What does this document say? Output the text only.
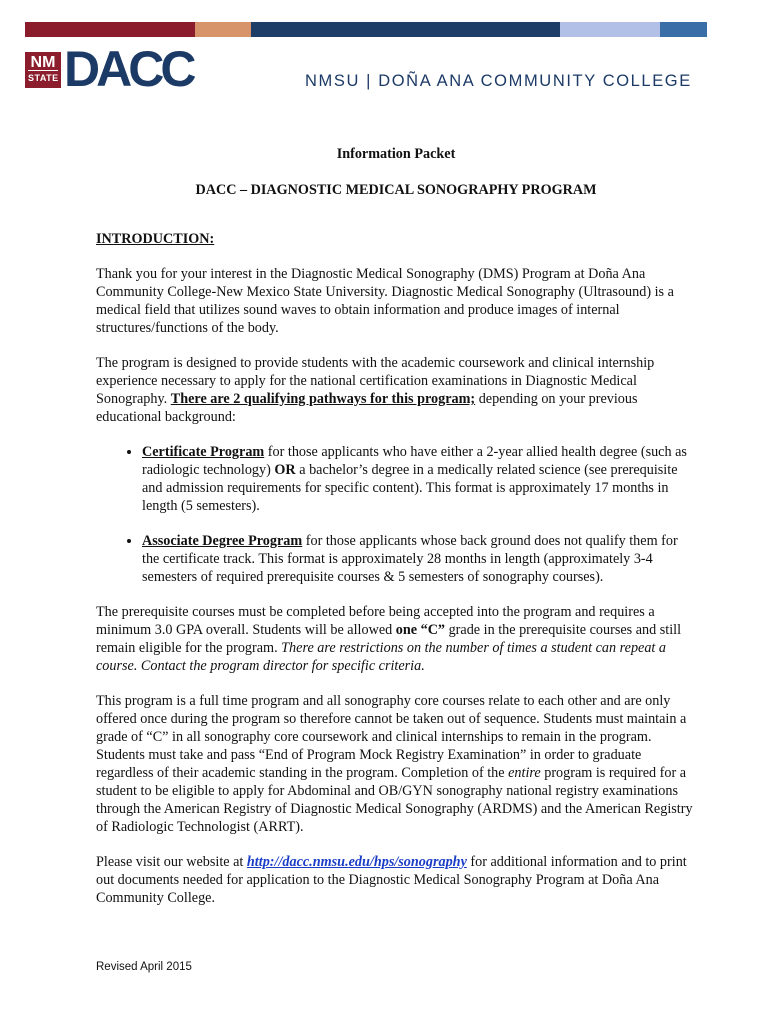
NM
STATE DACC	NMSU | DOÑA ANA COMMUNITY COLLEGE

Information Packet

DACC – DIAGNOSTIC MEDICAL SONOGRAPHY PROGRAM

INTRODUCTION:

Thank you for your interest in the Diagnostic Medical Sonography (DMS) Program at Doña Ana Community College-New Mexico State University. Diagnostic Medical Sonography (Ultrasound) is a medical field that utilizes sound waves to obtain information and produce images of internal structures/functions of the body.

The program is designed to provide students with the academic coursework and clinical internship experience necessary to apply for the national certification examinations in Diagnostic Medical Sonography. There are 2 qualifying pathways for this program; depending on your previous educational background:

• Certificate Program for those applicants who have either a 2-year allied health degree (such as radiologic technology) OR a bachelor’s degree in a medically related science (see prerequisite and admission requirements for specific content). This format is approximately 17 months in length (5 semesters).
• Associate Degree Program for those applicants whose back ground does not qualify them for the certificate track. This format is approximately 28 months in length (approximately 3-4 semesters of required prerequisite courses & 5 semesters of sonography courses).

The prerequisite courses must be completed before being accepted into the program and requires a minimum 3.0 GPA overall. Students will be allowed one “C” grade in the prerequisite courses and still remain eligible for the program. There are restrictions on the number of times a student can repeat a course. Contact the program director for specific criteria.

This program is a full time program and all sonography core courses relate to each other and are only offered once during the program so therefore cannot be taken out of sequence. Students must maintain a grade of “C” in all sonography core coursework and clinical internships to remain in the program. Students must take and pass “End of Program Mock Registry Examination” in order to graduate regardless of their academic standing in the program. Completion of the entire program is required for a student to be eligible to apply for Abdominal and OB/GYN sonography national registry examinations through the American Registry of Diagnostic Medical Sonography (ARDMS) and the American Registry of Radiologic Technologist (ARRT).

Please visit our website at http://dacc.nmsu.edu/hps/sonography for additional information and to print out documents needed for application to the Diagnostic Medical Sonography Program at Doña Ana Community College.

Revised April 2015
